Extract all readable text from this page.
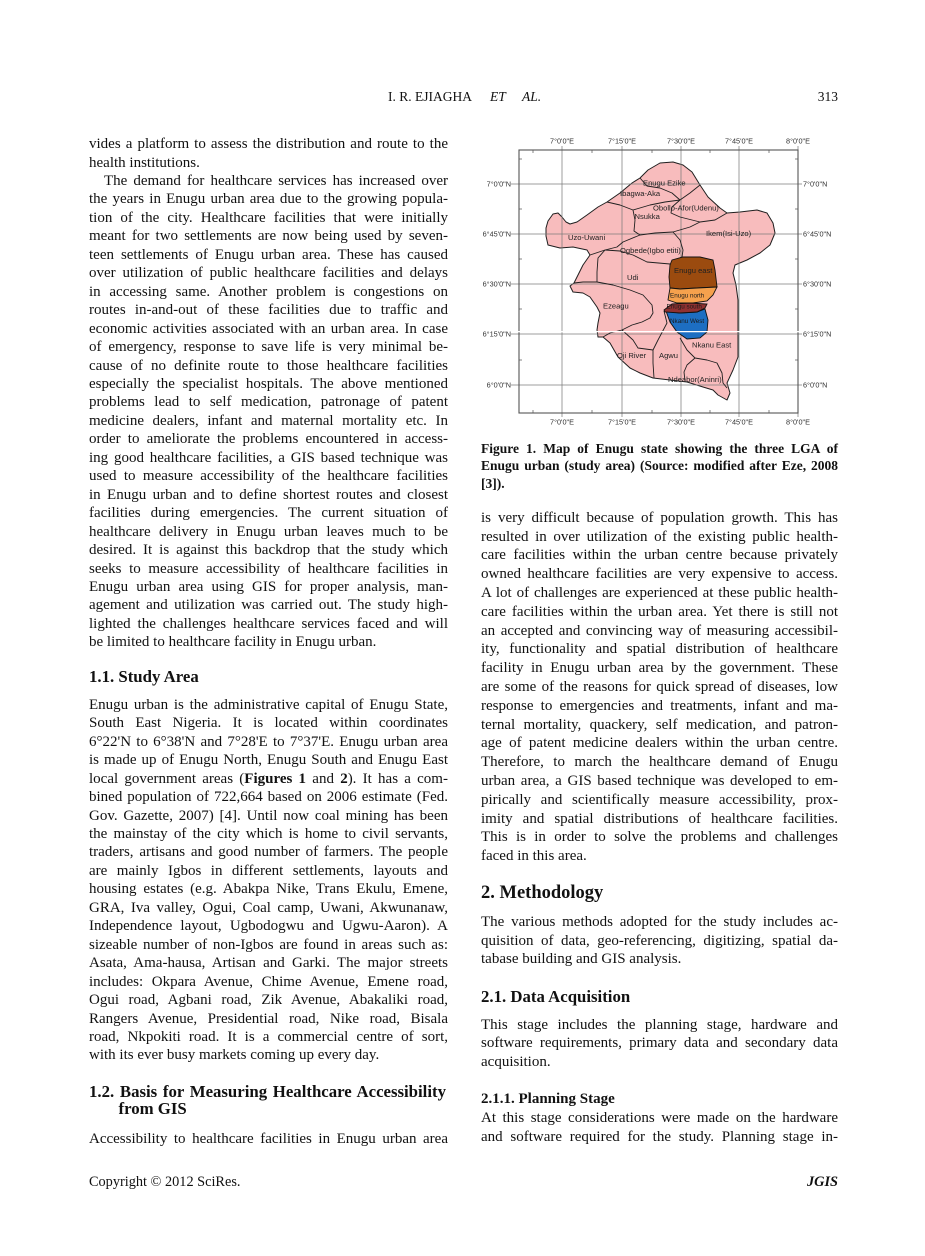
I. R. EJIAGHA ET AL.	313
vides a platform to assess the distribution and route to the
health institutions.
The demand for healthcare services has increased over
the years in Enugu urban area due to the growing popula-
tion of the city. Healthcare facilities that were initially
meant for two settlements are now being used by seven-
teen settlements of Enugu urban area. These has caused
over utilization of public healthcare facilities and delays
in accessing same. Another problem is congestions on
routes in-and-out of these facilities due to traffic and
economic activities associated with an urban area. In case
of emergency, response to save life is very minimal be-
cause of no definite route to those healthcare facilities
especially the specialist hospitals. The above mentioned
problems lead to self medication, patronage of patent
medicine dealers, infant and maternal mortality etc. In
order to ameliorate the problems encountered in access-
ing good healthcare facilities, a GIS based technique was
used to measure accessibility of the healthcare facilities
in Enugu urban and to define shortest routes and closest
facilities during emergencies. The current situation of
healthcare delivery in Enugu urban leaves much to be
desired. It is against this backdrop that the study which
seeks to measure accessibility of healthcare facilities in
Enugu urban area using GIS for proper analysis, man-
agement and utilization was carried out. The study high-
lighted the challenges healthcare services faced and will
be limited to healthcare facility in Enugu urban.
1.1. Study Area
Enugu urban is the administrative capital of Enugu State,
South East Nigeria. It is located within coordinates
6°22'N to 6°38'N and 7°28'E to 7°37'E. Enugu urban area
is made up of Enugu North, Enugu South and Enugu East
local government areas (Figures 1 and 2). It has a com-
bined population of 722,664 based on 2006 estimate (Fed.
Gov. Gazette, 2007) [4]. Until now coal mining has been
the mainstay of the city which is home to civil servants,
traders, artisans and good number of farmers. The people
are mainly Igbos in different settlements, layouts and
housing estates (e.g. Abakpa Nike, Trans Ekulu, Emene,
GRA, Iva valley, Ogui, Coal camp, Uwani, Akwunanaw,
Independence layout, Ugbodogwu and Ugwu-Aaron). A
sizeable number of non-Igbos are found in areas such as:
Asata, Ama-hausa, Artisan and Garki. The major streets
includes: Okpara Avenue, Chime Avenue, Emene road,
Ogui road, Agbani road, Zik Avenue, Abakaliki road,
Rangers Avenue, Presidential road, Nike road, Bisala
road, Nkpokiti road. It is a commercial centre of sort,
with its ever busy markets coming up every day.
1.2. Basis for Measuring Healthcare Accessibility
from GIS
Accessibility to healthcare facilities in Enugu urban area
7°0'0"E	7°15'0"E	7°30'0"E	7°45'0"E	8°0'0"E
7°0'0"E	7°15'0"E	7°30'0"E	7°45'0"E	8°0'0"E
7°0'0"N
6°45'0"N
6°30'0"N
6°15'0"N
6°0'0"N
7°0'0"N
6°45'0"N
6°30'0"N
6°15'0"N
6°0'0"N
Enugu Ezike
Ibagwa-Aka
Obollo-Afor(Udenu)
Nsukka
Ikem(Isi-Uzo)
Uzo-Uwani
Ogbede(Igbo etiti)
Enugu east
Udi
Enugu north
Enugu south
Nkanu West
Ezeagu
Nkanu East
Oji River Agwu
Ndeabor(Aninri)
Figure 1. Map of Enugu state showing the three LGA of
Enugu urban (study area) (Source: modified after Eze, 2008
[3]).
is very difficult because of population growth. This has
resulted in over utilization of the existing public health-
care facilities within the urban centre because privately
owned healthcare facilities are very expensive to access.
A lot of challenges are experienced at these public health-
care facilities within the urban area. Yet there is still not
an accepted and convincing way of measuring accessibil-
ity, functionality and spatial distribution of healthcare
facility in Enugu urban area by the government. These
are some of the reasons for quick spread of diseases, low
response to emergencies and treatments, infant and ma-
ternal mortality, quackery, self medication, and patron-
age of patent medicine dealers within the urban centre.
Therefore, to march the healthcare demand of Enugu
urban area, a GIS based technique was developed to em-
pirically and scientifically measure accessibility, prox-
imity and spatial distributions of healthcare facilities.
This is in order to solve the problems and challenges
faced in this area.
2. Methodology
The various methods adopted for the study includes ac-
quisition of data, geo-referencing, digitizing, spatial da-
tabase building and GIS analysis.
2.1. Data Acquisition
This stage includes the planning stage, hardware and
software requirements, primary data and secondary data
acquisition.
2.1.1. Planning Stage
At this stage considerations were made on the hardware
and software required for the study. Planning stage in-
Copyright © 2012 SciRes.	JGIS
